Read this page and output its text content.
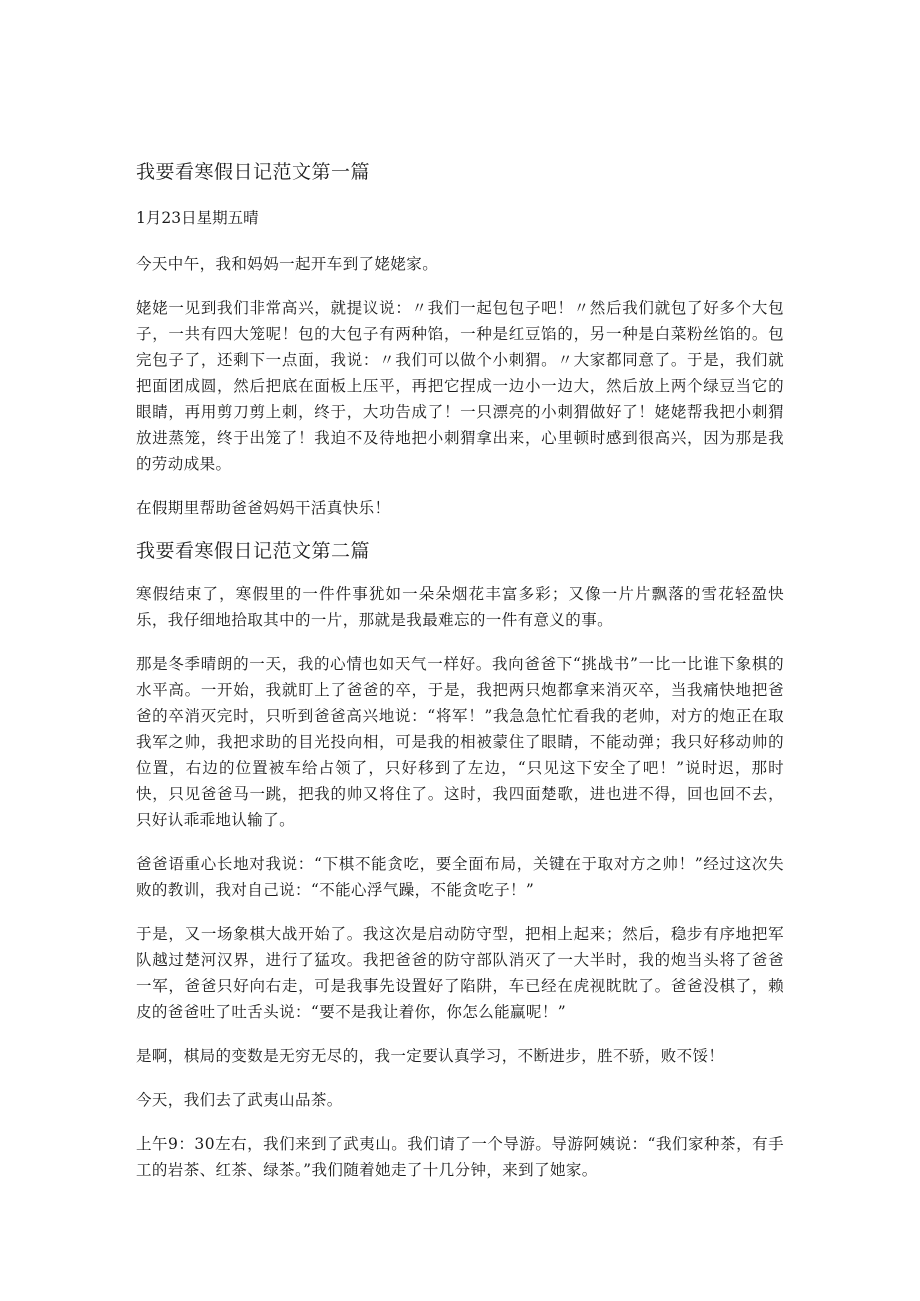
我要看寒假日记范文第一篇

1月23日星期五晴

今天中午，我和妈妈一起开车到了姥姥家。

姥姥一见到我们非常高兴，就提议说：〃我们一起包包子吧！〃然后我们就包了好多个大包子，一共有四大笼呢！包的大包子有两种馅，一种是红豆馅的，另一种是白菜粉丝馅的。包完包子了，还剩下一点面，我说：〃我们可以做个小刺猬。〃大家都同意了。于是，我们就把面团成圆，然后把底在面板上压平，再把它捏成一边小一边大，然后放上两个绿豆当它的眼睛，再用剪刀剪上刺，终于，大功告成了！一只漂亮的小刺猬做好了！姥姥帮我把小刺猬放进蒸笼，终于出笼了！我迫不及待地把小刺猬拿出来，心里顿时感到很高兴，因为那是我的劳动成果。

在假期里帮助爸爸妈妈干活真快乐！

我要看寒假日记范文第二篇

寒假结束了，寒假里的一件件事犹如一朵朵烟花丰富多彩；又像一片片飘落的雪花轻盈快乐，我仔细地拾取其中的一片，那就是我最难忘的一件有意义的事。

那是冬季晴朗的一天，我的心情也如天气一样好。我向爸爸下“挑战书”一比一比谁下象棋的水平高。一开始，我就盯上了爸爸的卒，于是，我把两只炮都拿来消灭卒，当我痛快地把爸爸的卒消灭完时，只听到爸爸高兴地说：“将军！”我急急忙忙看我的老帅，对方的炮正在取我军之帅，我把求助的目光投向相，可是我的相被蒙住了眼睛，不能动弹；我只好移动帅的位置，右边的位置被车给占领了，只好移到了左边，“只见这下安全了吧！”说时迟，那时快，只见爸爸马一跳，把我的帅又将住了。这时，我四面楚歌，进也进不得，回也回不去，只好认乖乖地认输了。

爸爸语重心长地对我说：“下棋不能贪吃，要全面布局，关键在于取对方之帅！”经过这次失败的教训，我对自己说：“不能心浮气躁，不能贪吃子！”

于是，又一场象棋大战开始了。我这次是启动防守型，把相上起来；然后，稳步有序地把军队越过楚河汉界，进行了猛攻。我把爸爸的防守部队消灭了一大半时，我的炮当头将了爸爸一军，爸爸只好向右走，可是我事先设置好了陷阱，车已经在虎视眈眈了。爸爸没棋了，赖皮的爸爸吐了吐舌头说：“要不是我让着你，你怎么能赢呢！”

是啊，棋局的变数是无穷无尽的，我一定要认真学习，不断进步，胜不骄，败不馁！

今天，我们去了武夷山品茶。

上午9：30左右，我们来到了武夷山。我们请了一个导游。导游阿姨说：“我们家种茶，有手工的岩茶、红茶、绿茶。”我们随着她走了十几分钟，来到了她家。
